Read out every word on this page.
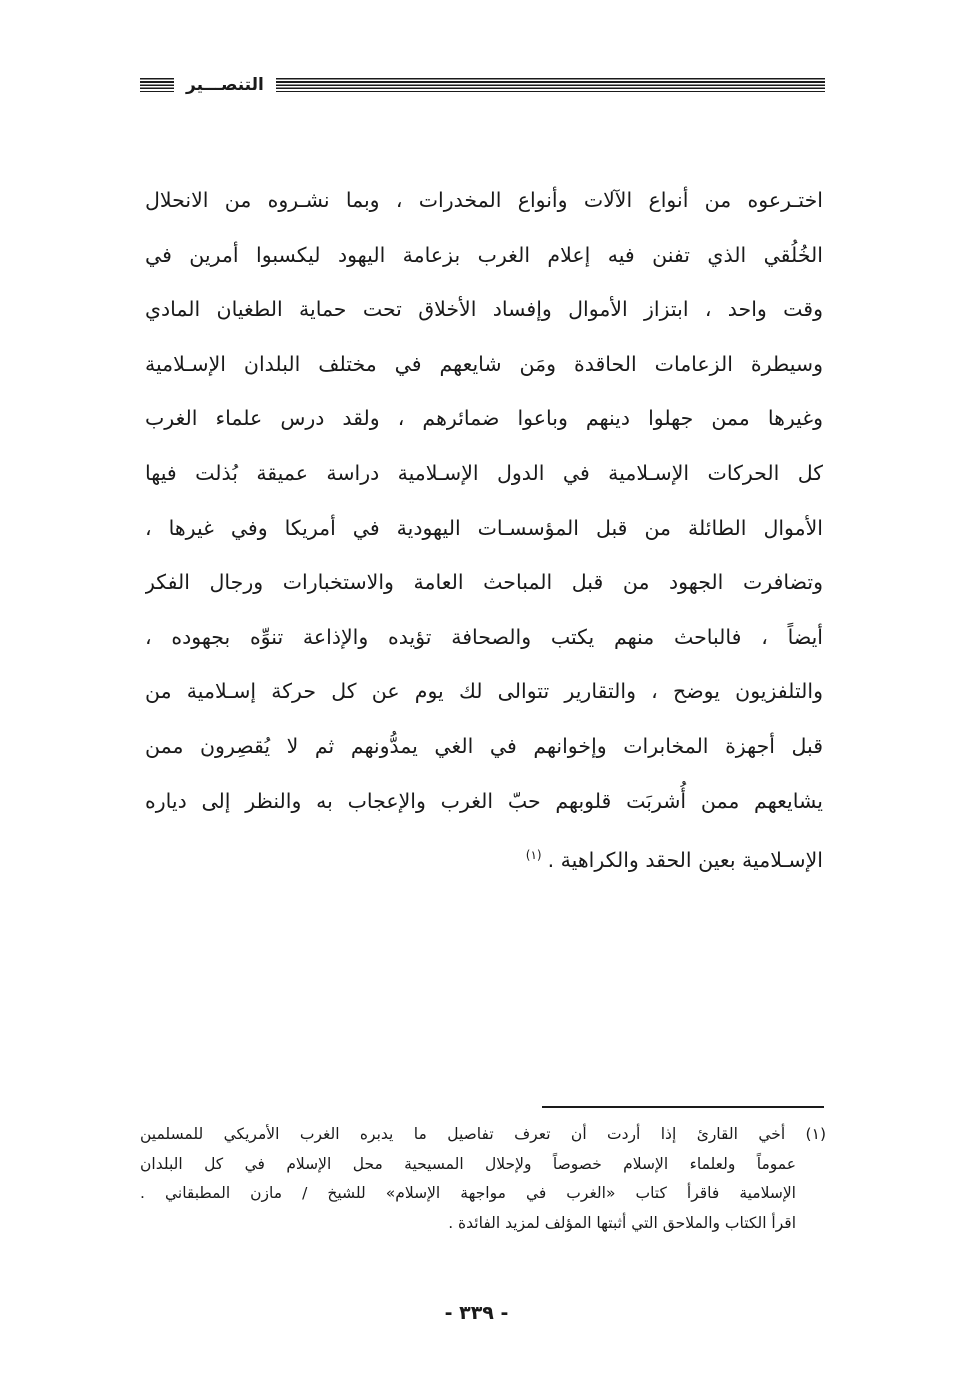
التنصـــير
اختـرعوه من أنواع الآلات وأنواع المخدرات ، وبما نشـروه من الانحلال
الخُلُقي الذي تفنن فيه إعلام الغرب بزعامة اليهود ليكسبوا أمرين في
وقت واحد ، ابتزاز الأموال وإفساد الأخلاق تحت حماية الطغيان المادي
وسيطرة الزعامات الحاقدة ومَن شايعهم في مختلف البلدان الإسـلامية
وغيرها ممن جهلوا دينهم وباعوا ضمائرهم ، ولقد درس علماء الغرب
كل الحركات الإسـلامية في الدول الإسـلامية دراسة عميقة بُذلت فيها
الأموال الطائلة من قبل المؤسسـات اليهودية في أمريكا وفي غيرها ،
وتضافرت الجهود من قبل المباحث العامة والاستخبارات ورجال الفكر
أيضاً ، فالباحث منهم يكتب والصحافة تؤيده والإذاعة تنوِّه بجهوده ،
والتلفزيون يوضح ، والتقارير تتوالى لك يوم عن كل حركة إسـلامية من
قبل أجهزة المخابرات وإخوانهم في الغي يمدُّونهم ثم لا يُقصِرون ممن
يشايعهم ممن أُشربَت قلوبهم حبّ الغرب والإعجاب به والنظر إلى دياره
الإسـلامية بعين الحقد والكراهية .$^{(١)}$
(١) أخي القارئ إذا أردت أن تعرف تفاصيل ما يدبره الغرب الأمريكي للمسلمين
عموماً ولعلماء الإسلام خصوصاً ولإحلال المسيحية محل الإسلام في كل البلدان
الإسلامية فاقرأ كتاب «الغرب في مواجهة الإسلام» للشيخ / مازن المطبقاني .
اقرأ الكتاب والملاحق التي أثبتها المؤلف لمزيد الفائدة .
- ٣٣٩ -
